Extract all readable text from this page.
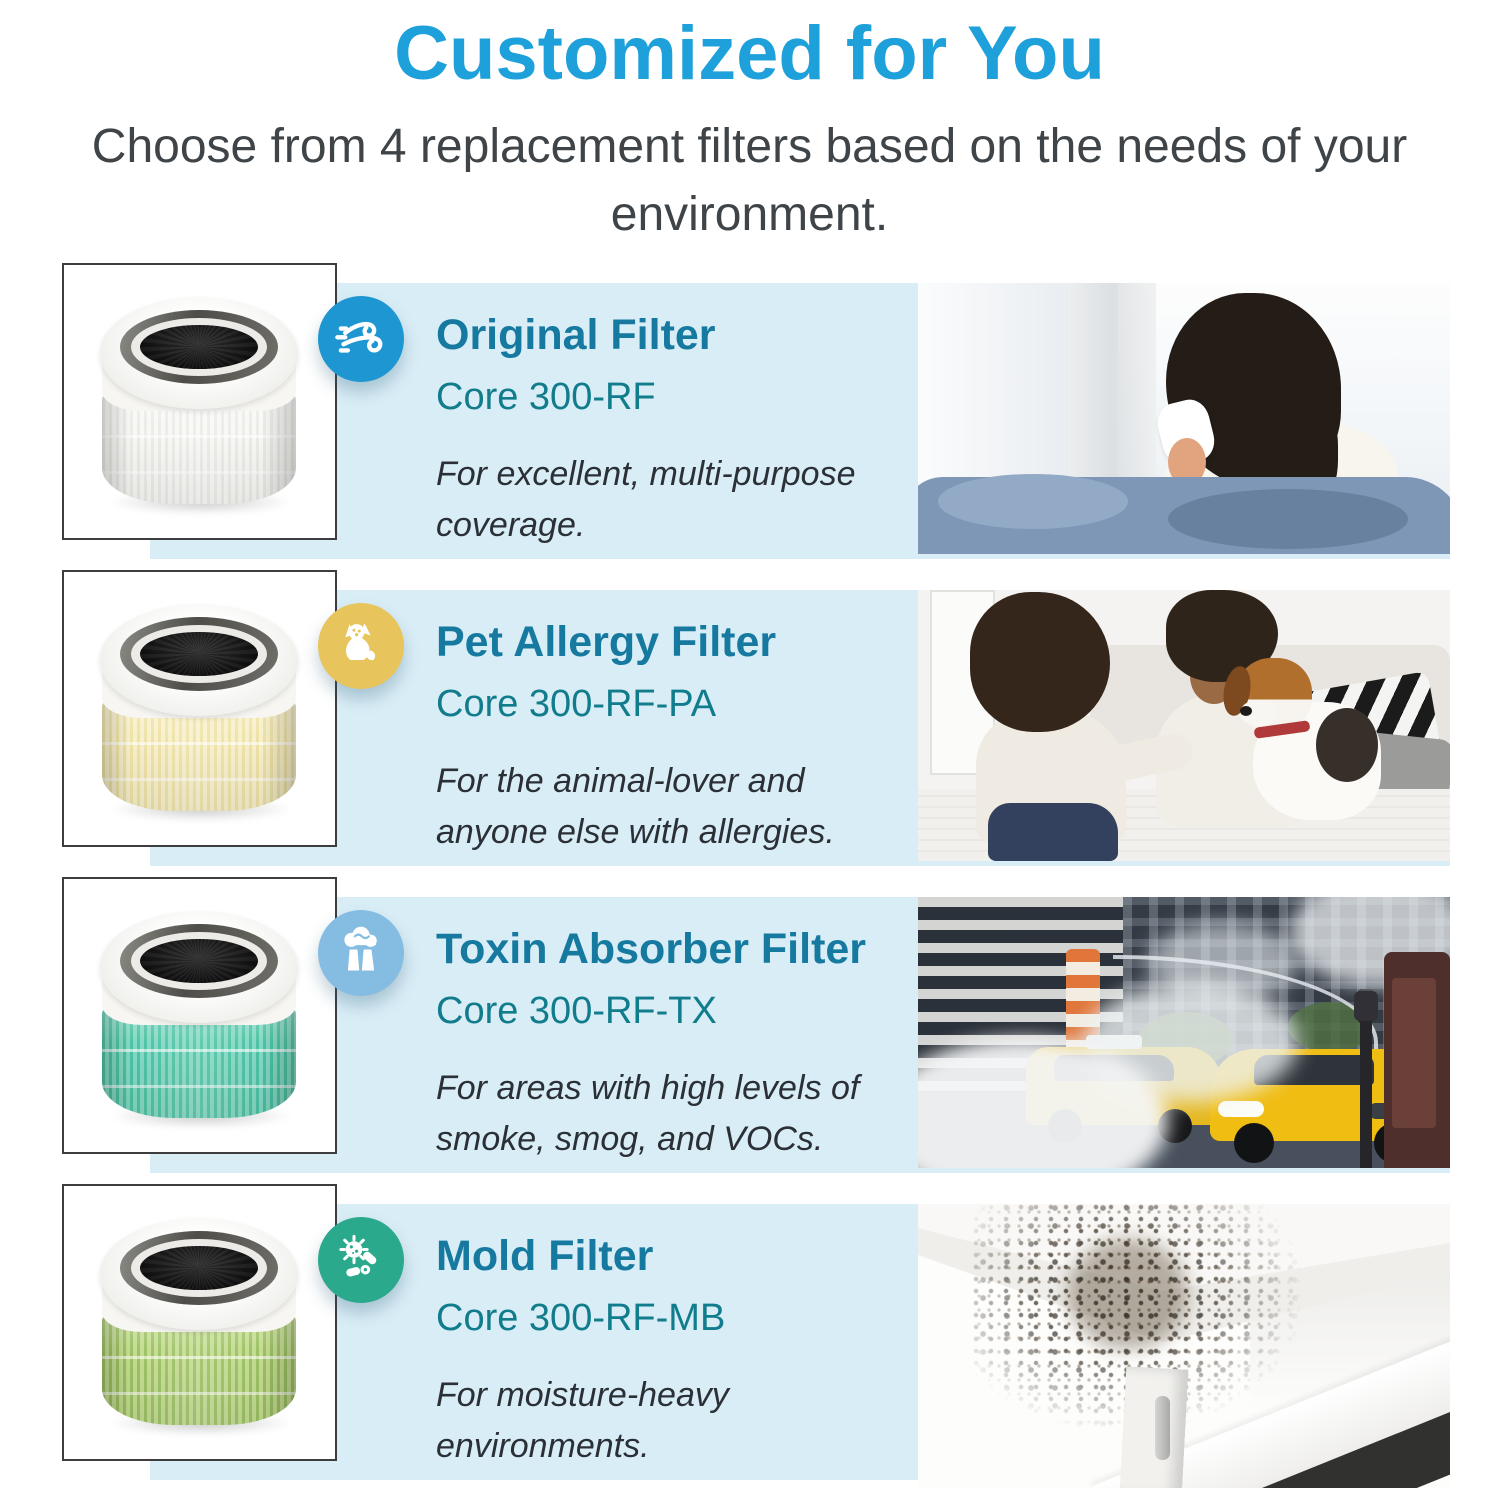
Customized for You

Choose from 4 replacement filters based on the needs of your environment.

Original Filter

Core 300-RF

For excellent, multi-purpose coverage.

Pet Allergy Filter

Core 300-RF-PA

For the animal-lover and anyone else with allergies.

Toxin Absorber Filter

Core 300-RF-TX

For areas with high levels of smoke, smog, and VOCs.

Mold Filter

Core 300-RF-MB

For moisture-heavy environments.
